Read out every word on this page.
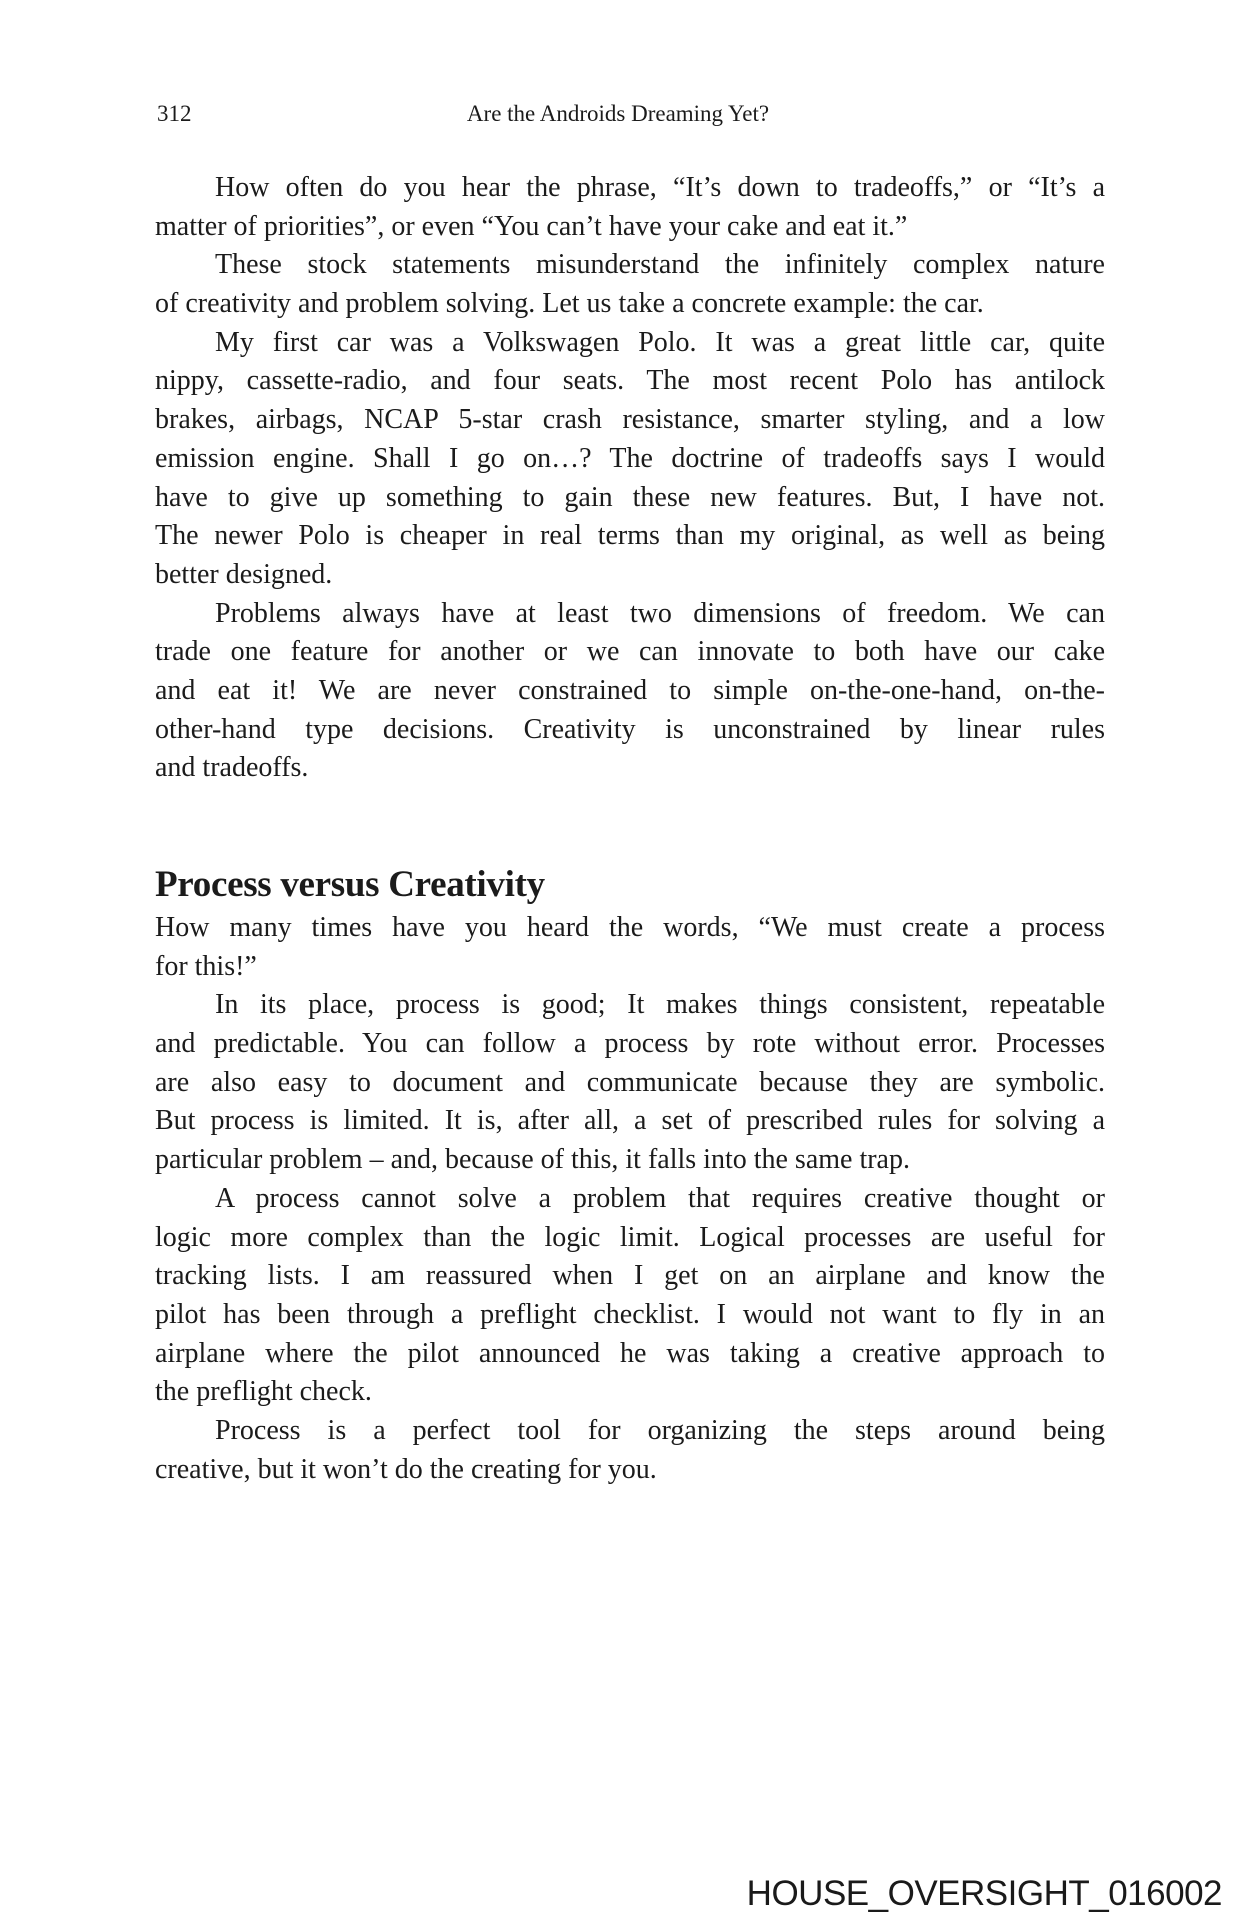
312	Are the Androids Dreaming Yet?
How often do you hear the phrase, “It’s down to tradeoffs,” or “It’s a
matter of priorities”, or even “You can’t have your cake and eat it.”
These stock statements misunderstand the infinitely complex nature
of creativity and problem solving. Let us take a concrete example: the car.
My first car was a Volkswagen Polo. It was a great little car, quite
nippy, cassette-radio, and four seats. The most recent Polo has antilock
brakes, airbags, NCAP 5-star crash resistance, smarter styling, and a low
emission engine. Shall I go on…? The doctrine of tradeoffs says I would
have to give up something to gain these new features. But, I have not.
The newer Polo is cheaper in real terms than my original, as well as being
better designed.
Problems always have at least two dimensions of freedom. We can
trade one feature for another or we can innovate to both have our cake
and eat it! We are never constrained to simple on-the-one-hand, on-the-
other-hand type decisions. Creativity is unconstrained by linear rules
and tradeoffs.
Process versus Creativity
How many times have you heard the words, “We must create a process
for this!”
In its place, process is good; It makes things consistent, repeatable
and predictable. You can follow a process by rote without error. Processes
are also easy to document and communicate because they are symbolic.
But process is limited. It is, after all, a set of prescribed rules for solving a
particular problem – and, because of this, it falls into the same trap.
A process cannot solve a problem that requires creative thought or
logic more complex than the logic limit. Logical processes are useful for
tracking lists. I am reassured when I get on an airplane and know the
pilot has been through a preflight checklist. I would not want to fly in an
airplane where the pilot announced he was taking a creative approach to
the preflight check.
Process is a perfect tool for organizing the steps around being
creative, but it won’t do the creating for you.
HOUSE_OVERSIGHT_016002
